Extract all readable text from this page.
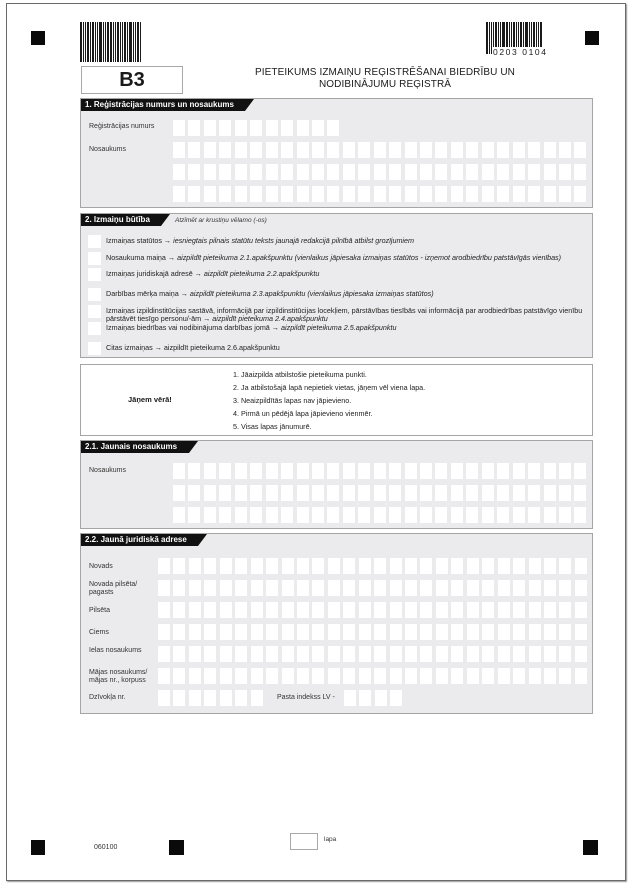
0203 0104
B3	PIETEIKUMS IZMAIŅU REĢISTRĒŠANAI BIEDRĪBU UN
NODIBINĀJUMU REĢISTRĀ
1. Reģistrācijas numurs un nosaukums
Reģistrācijas numurs
Nosaukums
2. Izmaiņu būtība	Atzīmēt ar krustiņu vēlamo (-os)
Izmaiņas statūtos → iesniegtais pilnais statūtu teksts jaunajā redakcijā pilnībā atbilst grozījumiem
Nosaukuma maiņa → aizpildīt pieteikuma 2.1.apakšpunktu (vienlaikus jāpiesaka izmaiņas statūtos - izņemot arodbiedrību patstāvīgās vienības)
Izmaiņas juridiskajā adresē → aizpildīt pieteikuma 2.2.apakšpunktu
Darbības mērķa maiņa → aizpildīt pieteikuma 2.3.apakšpunktu (vienlaikus jāpiesaka izmaiņas statūtos)
Izmaiņas izpildinstitūcijas sastāvā, informācijā par izpildinstitūcijas locekļiem, pārstāvības tiesībās vai informācijā par arodbiedrības patstāvīgo vienību pārstāvēt tiesīgo personu/-ām → aizpildīt pieteikuma 2.4.apakšpunktu
Izmaiņas biedrības vai nodibinājuma darbības jomā → aizpildīt pieteikuma 2.5.apakšpunktu
Citas izmaiņas → aizpildīt pieteikuma 2.6.apakšpunktu
Jāņem vērā!
1. Jāaizpilda atbilstošie pieteikuma punkti.
2. Ja atbilstošajā lapā nepietiek vietas, jāņem vēl viena lapa.
3. Neaizpildītās lapas nav jāpievieno.
4. Pirmā un pēdējā lapa jāpievieno vienmēr.
5. Visas lapas jānumurē.
2.1. Jaunais nosaukums
Nosaukums
2.2. Jaunā juridiskā adrese
Novads
Novada pilsēta/ pagasts
Pilsēta
Ciems
Ielas nosaukums
Mājas nosaukums/ mājas nr., korpuss
Dzīvokļa nr.	Pasta indekss LV -
060100
lapa
